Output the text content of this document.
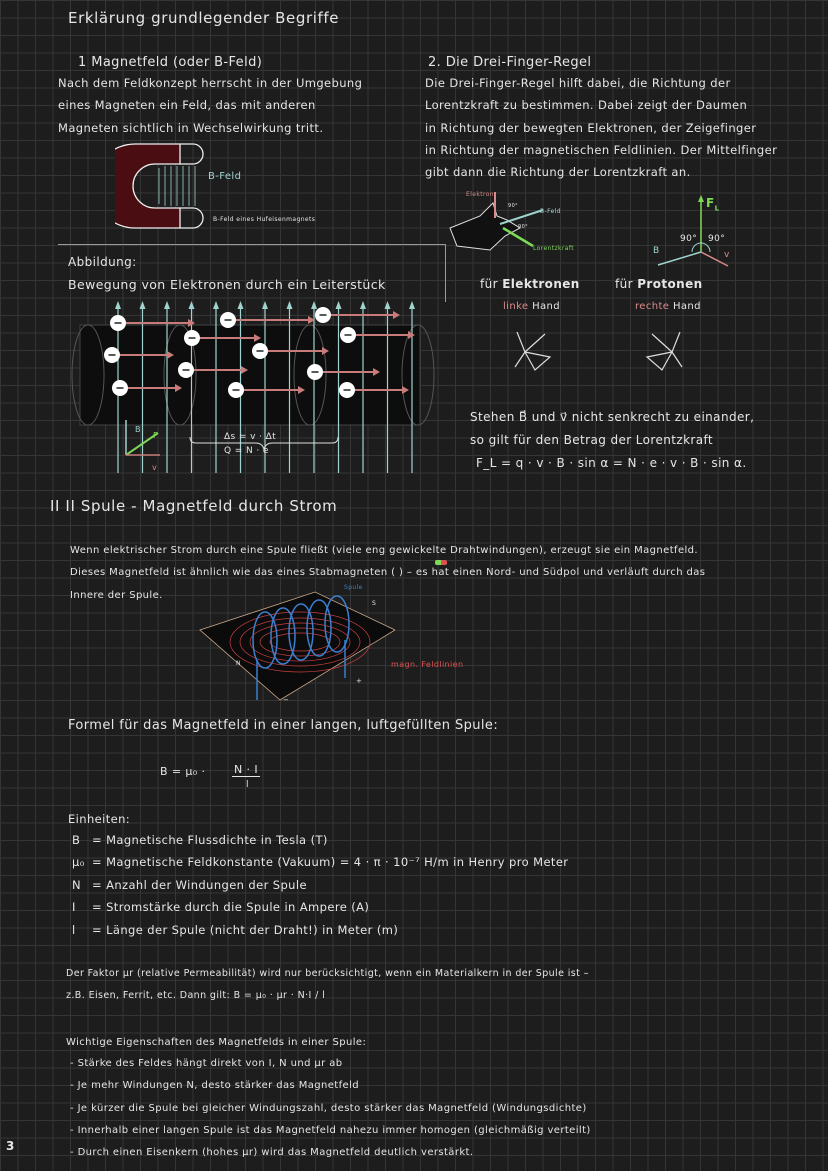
Erklärung grundlegender Begriffe
1 Magnetfeld (oder B-Feld)
Nach dem Feldkonzept herrscht in der Umgebung
eines Magneten ein Feld, das mit anderen
Magneten sichtlich in Wechselwirkung tritt.
B-Feld
B-Feld eines Hufeisenmagnets
2. Die Drei-Finger-Regel
Die Drei-Finger-Regel hilft dabei, die Richtung der
Lorentzkraft zu bestimmen. Dabei zeigt der Daumen
in Richtung der bewegten Elektronen, der Zeigefinger
in Richtung der magnetischen Feldlinien. Der Mittelfinger
gibt dann die Richtung der Lorentzkraft an.
Elektron
90°
90°
B-Feld
Lorentzkraft
$F_L$
B	v
90° 90°
für Elektronen
linke Hand
für Protonen
rechte Hand
Stehen B⃗ und v⃗ nicht senkrecht zu einander,
so gilt für den Betrag der Lorentzkraft
F_L = q · v · B · sin α = N · e · v · B · sin α.
Abbildung:
Bewegung von Elektronen durch ein Leiterstück
Δs = v · Δt
Q = N · e
B
F
v
II II Spule - Magnetfeld durch Strom
Wenn elektrischer Strom durch eine Spule fließt (viele eng gewickelte Drahtwindungen), erzeugt sie ein Magnetfeld.
Dieses Magnetfeld ist ähnlich wie das eines Stabmagneten ( ) – es hat einen Nord- und Südpol und verläuft durch das
Innere der Spule.
Spule
S
N
+
−
magn. Feldlinien
Formel für das Magnetfeld in einer langen, luftgefüllten Spule:
B = μ₀ ·	N · I
l
Einheiten:
B = Magnetische Flussdichte in Tesla (T)
μ₀ = Magnetische Feldkonstante (Vakuum) = 4 · π · 10⁻⁷ H/m in Henry pro Meter
N = Anzahl der Windungen der Spule
I = Stromstärke durch die Spule in Ampere (A)
l = Länge der Spule (nicht der Draht!) in Meter (m)
Der Faktor μr (relative Permeabilität) wird nur berücksichtigt, wenn ein Materialkern in der Spule ist –
z.B. Eisen, Ferrit, etc. Dann gilt: B = μ₀ · μr · N·I / l
Wichtige Eigenschaften des Magnetfelds in einer Spule:
- Stärke des Feldes hängt direkt von I, N und μr ab
- Je mehr Windungen N, desto stärker das Magnetfeld
- Je kürzer die Spule bei gleicher Windungszahl, desto stärker das Magnetfeld (Windungsdichte)
- Innerhalb einer langen Spule ist das Magnetfeld nahezu immer homogen (gleichmäßig verteilt)
- Durch einen Eisenkern (hohes μr) wird das Magnetfeld deutlich verstärkt.
3
